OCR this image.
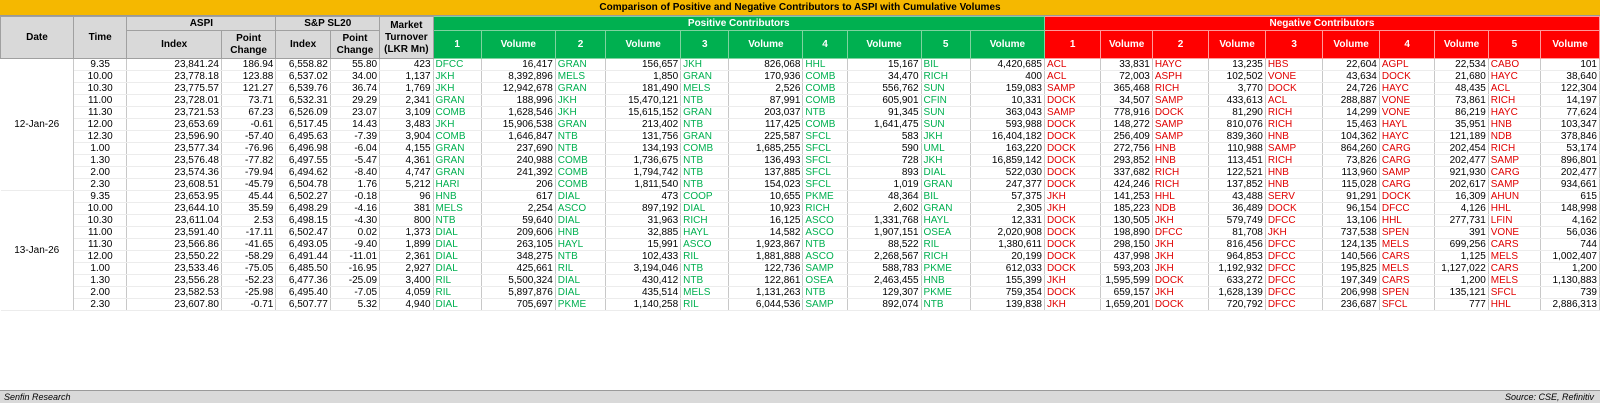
Comparison of Positive and Negative Contributors to ASPI with Cumulative Volumes
Date	Time	ASPI		S&P SL20		Market Turnover (LKR Mn)	Positive Contributors										Negative Contributors									
		Index	Point Change	Index	Point Change		1	Volume	2	Volume	3	Volume	4	Volume	5	Volume	1	Volume	2	Volume	3	Volume	4	Volume	5	Volume

12-Jan-26	9.35	23,841.24	186.94	6,558.82	55.80	423	DFCC	16,417	GRAN	156,657	JKH	826,068	HHL	15,167	BIL	4,420,685	ACL	33,831	HAYC	13,235	HBS	22,604	AGPL	22,534	CABO	101
	10.00	23,778.18	123.88	6,537.02	34.00	1,137	JKH	8,392,896	MELS	1,850	GRAN	170,936	COMB	34,470	RICH	400	ACL	72,003	ASPH	102,502	VONE	43,634	DOCK	21,680	HAYC	38,640
	10.30	23,775.57	121.27	6,539.76	36.74	1,769	JKH	12,942,678	GRAN	181,490	MELS	2,526	COMB	556,762	SUN	159,083	SAMP	365,468	RICH	3,770	DOCK	24,726	HAYC	48,435	ACL	122,304
	11.00	23,728.01	73.71	6,532.31	29.29	2,341	GRAN	188,996	JKH	15,470,121	NTB	87,991	COMB	605,901	CFIN	10,331	DOCK	34,507	SAMP	433,613	ACL	288,887	VONE	73,861	RICH	14,197
	11.30	23,721.53	67.23	6,526.09	23.07	3,109	COMB	1,628,546	JKH	15,615,152	GRAN	203,037	NTB	91,345	SUN	363,043	SAMP	778,916	DOCK	81,290	RICH	14,299	VONE	86,219	HAYC	77,624
	12.00	23,653.69	-0.61	6,517.45	14.43	3,483	JKH	15,906,538	GRAN	213,402	NTB	117,425	COMB	1,641,475	SUN	593,988	DOCK	148,272	SAMP	810,076	RICH	15,463	HAYL	35,951	HNB	103,347
	12.30	23,596.90	-57.40	6,495.63	-7.39	3,904	COMB	1,646,847	NTB	131,756	GRAN	225,587	SFCL	583	JKH	16,404,182	DOCK	256,409	SAMP	839,360	HNB	104,362	HAYC	121,189	NDB	378,846
	1.00	23,577.34	-76.96	6,496.98	-6.04	4,155	GRAN	237,690	NTB	134,193	COMB	1,685,255	SFCL	590	UML	163,220	DOCK	272,756	HNB	110,988	SAMP	864,260	CARG	202,454	RICH	53,174
	1.30	23,576.48	-77.82	6,497.55	-5.47	4,361	GRAN	240,988	COMB	1,736,675	NTB	136,493	SFCL	728	JKH	16,859,142	DOCK	293,852	HNB	113,451	RICH	73,826	CARG	202,477	SAMP	896,801
	2.00	23,574.36	-79.94	6,494.62	-8.40	4,747	GRAN	241,392	COMB	1,794,742	NTB	137,885	SFCL	893	DIAL	522,030	DOCK	337,682	RICH	122,521	HNB	113,960	SAMP	921,930	CARG	202,477
	2.30	23,608.51	-45.79	6,504.78	1.76	5,212	HARI	206	COMB	1,811,540	NTB	154,023	SFCL	1,019	GRAN	247,377	DOCK	424,246	RICH	137,852	HNB	115,028	CARG	202,617	SAMP	934,661
13-Jan-26	9.35	23,653.95	45.44	6,502.27	-0.18	96	HNB	617	DIAL	473	COOP	10,655	PKME	48,364	BIL	57,375	JKH	141,253	HHL	43,488	SERV	91,291	DOCK	16,309	AHUN	615
	10.00	23,644.10	35.59	6,498.29	-4.16	381	MELS	2,254	ASCO	897,192	DIAL	10,923	RICH	2,602	GRAN	2,305	JKH	185,223	NDB	36,489	DOCK	96,154	DFCC	4,126	HHL	148,998
	10.30	23,611.04	2.53	6,498.15	-4.30	800	NTB	59,640	DIAL	31,963	RICH	16,125	ASCO	1,331,768	HAYL	12,331	DOCK	130,505	JKH	579,749	DFCC	13,106	HHL	277,731	LFIN	4,162
	11.00	23,591.40	-17.11	6,502.47	0.02	1,373	DIAL	209,606	HNB	32,885	HAYL	14,582	ASCO	1,907,151	OSEA	2,020,908	DOCK	198,890	DFCC	81,708	JKH	737,538	SPEN	391	VONE	56,036
	11.30	23,566.86	-41.65	6,493.05	-9.40	1,899	DIAL	263,105	HAYL	15,991	ASCO	1,923,867	NTB	88,522	RIL	1,380,611	DOCK	298,150	JKH	816,456	DFCC	124,135	MELS	699,256	CARS	744
	12.00	23,550.22	-58.29	6,491.44	-11.01	2,361	DIAL	348,275	NTB	102,433	RIL	1,881,888	ASCO	2,268,567	RICH	20,199	DOCK	437,998	JKH	964,853	DFCC	140,566	CARS	1,125	MELS	1,002,407
	1.00	23,533.46	-75.05	6,485.50	-16.95	2,927	DIAL	425,661	RIL	3,194,046	NTB	122,736	SAMP	588,783	PKME	612,033	DOCK	593,203	JKH	1,192,932	DFCC	195,825	MELS	1,127,022	CARS	1,200
	1.30	23,556.28	-52.23	6,477.36	-25.09	3,400	RIL	5,500,324	DIAL	430,412	NTB	122,861	OSEA	2,463,455	HNB	155,399	JKH	1,595,599	DOCK	633,272	DFCC	197,349	CARS	1,200	MELS	1,130,883
	2.00	23,582.53	-25.98	6,495.40	-7.05	4,059	RIL	5,897,876	DIAL	435,514	MELS	1,131,263	NTB	129,307	PKME	759,354	DOCK	659,157	JKH	1,628,139	DFCC	206,998	SPEN	135,121	SFCL	739
	2.30	23,607.80	-0.71	6,507.77	5.32	4,940	DIAL	705,697	PKME	1,140,258	RIL	6,044,536	SAMP	892,074	NTB	139,838	JKH	1,659,201	DOCK	720,792	DFCC	236,687	SFCL	777	HHL	2,886,313
Senfin Research	Source: CSE, Refinitiv
